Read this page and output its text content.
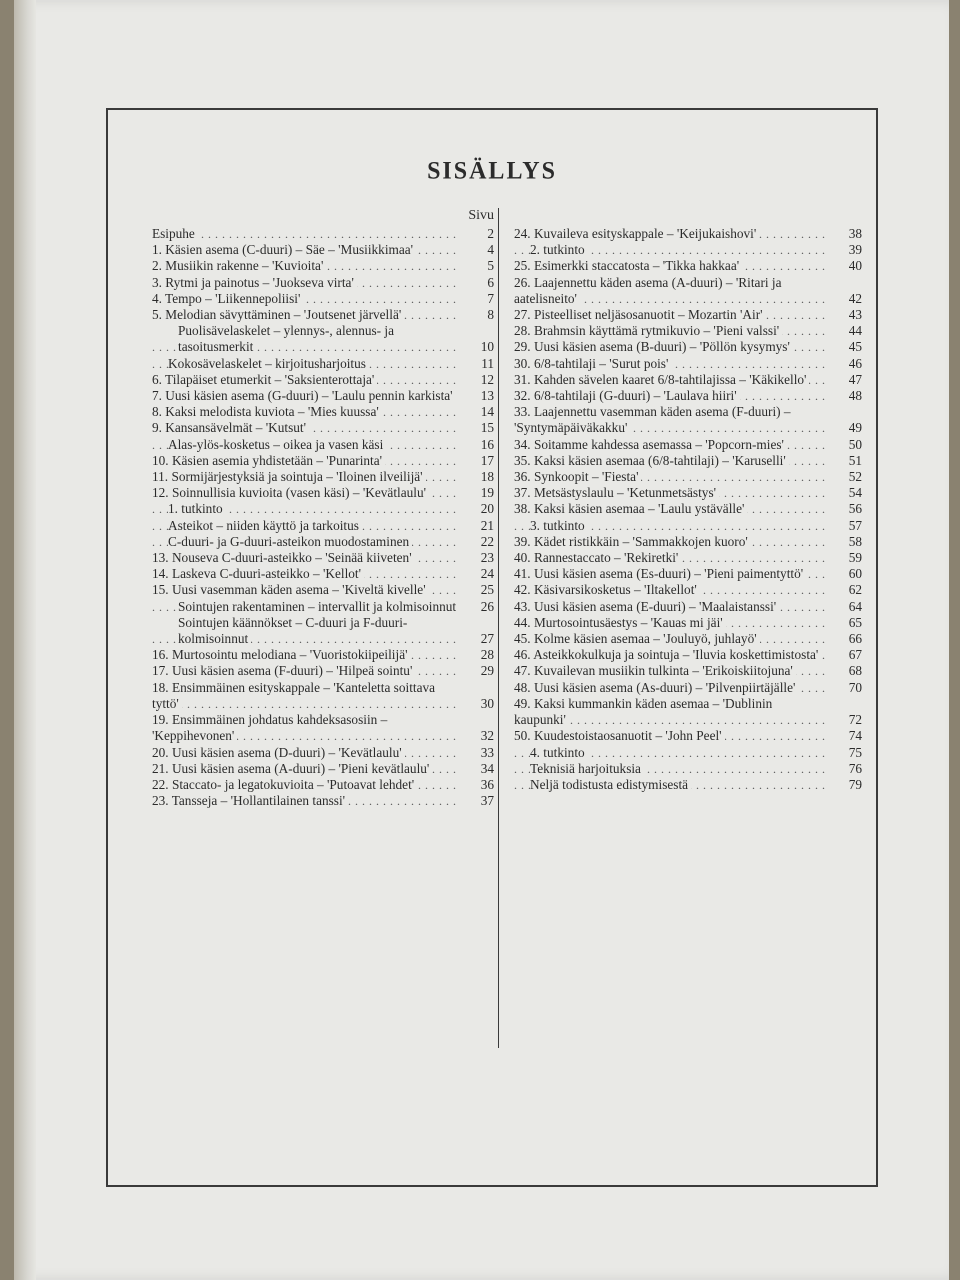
SISÄLLYS
Sivu
Esipuhe . . .	2
1. Käsien asema (C-duuri) – Säe – 'Musiikkimaa' . . .	4
2. Musiikin rakenne – 'Kuvioita' . . .	5
3. Rytmi ja painotus – 'Juokseva virta' . . .	6
4. Tempo – 'Liikennepoliisi' . . .	7
5. Melodian sävyttäminen – 'Joutsenet järvellä' . . .	8
Puolisävelaskelet – ylennys-, alennus- ja tasoitusmerkit . . .	10
Kokosävelaskelet – kirjoitusharjoitus . . .	11
6. Tilapäiset etumerkit – 'Saksienterottaja' . . .	12
7. Uusi käsien asema (G-duuri) – 'Laulu pennin karkista' . . .	13
8. Kaksi melodista kuviota – 'Mies kuussa' . . .	14
9. Kansansävelmät – 'Kutsut' . . .	15
Alas-ylös-kosketus – oikea ja vasen käsi . . .	16
10. Käsien asemia yhdistetään – 'Punarinta' . . .	17
11. Sormijärjestyksiä ja sointuja – 'Iloinen ilveilijä' . . .	18
12. Soinnullisia kuvioita (vasen käsi) – 'Kevätlaulu' . . .	19
1. tutkinto . . .	20
Asteikot – niiden käyttö ja tarkoitus . . .	21
C-duuri- ja G-duuri-asteikon muodostaminen . . .	22
13. Nouseva C-duuri-asteikko – 'Seinää kiiveten' . . .	23
14. Laskeva C-duuri-asteikko – 'Kellot' . . .	24
15. Uusi vasemman käden asema – 'Kiveltä kivelle' . . .	25
Sointujen rakentaminen – intervallit ja kolmisoinnut . . .	26
Sointujen käännökset – C-duuri ja F-duuri-kolmisoinnut . . .	27
16. Murtosointu melodiana – 'Vuoristokiipeilijä' . . .	28
17. Uusi käsien asema (F-duuri) – 'Hilpeä sointu' . . .	29
18. Ensimmäinen esityskappale – 'Kanteletta soittava tyttö' . . .	30
19. Ensimmäinen johdatus kahdeksasosiin – 'Keppihevonen' . . .	32
20. Uusi käsien asema (D-duuri) – 'Kevätlaulu' . . .	33
21. Uusi käsien asema (A-duuri) – 'Pieni kevätlaulu' . . .	34
22. Staccato- ja legatokuvioita – 'Putoavat lehdet' . . .	36
23. Tansseja – 'Hollantilainen tanssi' . . .	37
24. Kuvaileva esityskappale – 'Keijukaishovi' . . .	38
2. tutkinto . . .	39
25. Esimerkki staccatosta – 'Tikka hakkaa' . . .	40
26. Laajennettu käden asema (A-duuri) – 'Ritari ja aatelisneito' . . .	42
27. Pisteelliset neljäsosanuotit – Mozartin 'Air' . . .	43
28. Brahmsin käyttämä rytmikuvio – 'Pieni valssi' . . .	44
29. Uusi käsien asema (B-duuri) – 'Pöllön kysymys' . . .	45
30. 6/8-tahtilaji – 'Surut pois' . . .	46
31. Kahden sävelen kaaret 6/8-tahtilajissa – 'Käkikello' . . .	47
32. 6/8-tahtilaji (G-duuri) – 'Laulava hiiri' . . .	48
33. Laajennettu vasemman käden asema (F-duuri) – 'Syntymäpäiväkakku' . . .	49
34. Soitamme kahdessa asemassa – 'Popcorn-mies' . . .	50
35. Kaksi käsien asemaa (6/8-tahtilaji) – 'Karuselli' . . .	51
36. Synkoopit – 'Fiesta' . . .	52
37. Metsästyslaulu – 'Ketunmetsästys' . . .	54
38. Kaksi käsien asemaa – 'Laulu ystävälle' . . .	56
3. tutkinto . . .	57
39. Kädet ristikkäin – 'Sammakkojen kuoro' . . .	58
40. Rannestaccato – 'Rekiretki' . . .	59
41. Uusi käsien asema (Es-duuri) – 'Pieni paimentyttö' . . .	60
42. Käsivarsikosketus – 'Iltakellot' . . .	62
43. Uusi käsien asema (E-duuri) – 'Maalaistanssi' . . .	64
44. Murtosointusäestys – 'Kauas mi jäi' . . .	65
45. Kolme käsien asemaa – 'Jouluyö, juhlayö' . . .	66
46. Asteikkokulkuja ja sointuja – 'Iluvia koskettimistosta' . . .	67
47. Kuvailevan musiikin tulkinta – 'Erikoiskiitojuna' . . .	68
48. Uusi käsien asema (As-duuri) – 'Pilvenpiirtäjälle' . . .	70
49. Kaksi kummankin käden asemaa – 'Dublinin kaupunki' . . .	72
50. Kuudestoistaosanuotit – 'John Peel' . . .	74
4. tutkinto . . .	75
Teknisiä harjoituksia . . .	76
Neljä todistusta edistymisestä . . .	79
